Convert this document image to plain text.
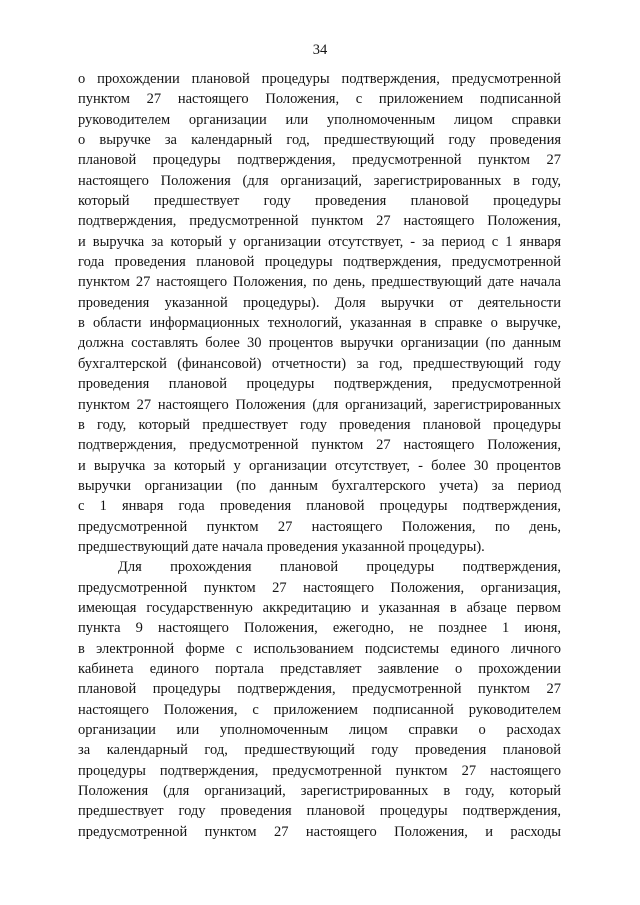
34
о прохождении плановой процедуры подтверждения, предусмотренной
пунктом 27 настоящего Положения, с приложением подписанной
руководителем организации или уполномоченным лицом справки
о выручке за календарный год, предшествующий году проведения
плановой процедуры подтверждения, предусмотренной пунктом 27
настоящего Положения (для организаций, зарегистрированных в году,
который предшествует году проведения плановой процедуры
подтверждения, предусмотренной пунктом 27 настоящего Положения,
и выручка за который у организации отсутствует, - за период с 1 января
года проведения плановой процедуры подтверждения, предусмотренной
пунктом 27 настоящего Положения, по день, предшествующий дате начала
проведения указанной процедуры). Доля выручки от деятельности
в области информационных технологий, указанная в справке о выручке,
должна составлять более 30 процентов выручки организации (по данным
бухгалтерской (финансовой) отчетности) за год, предшествующий году
проведения плановой процедуры подтверждения, предусмотренной
пунктом 27 настоящего Положения (для организаций, зарегистрированных
в году, который предшествует году проведения плановой процедуры
подтверждения, предусмотренной пунктом 27 настоящего Положения,
и выручка за который у организации отсутствует, - более 30 процентов
выручки организации (по данным бухгалтерского учета) за период
с 1 января года проведения плановой процедуры подтверждения,
предусмотренной пунктом 27 настоящего Положения, по день,
предшествующий дате начала проведения указанной процедуры).
Для прохождения плановой процедуры подтверждения,
предусмотренной пунктом 27 настоящего Положения, организация,
имеющая государственную аккредитацию и указанная в абзаце первом
пункта 9 настоящего Положения, ежегодно, не позднее 1 июня,
в электронной форме с использованием подсистемы единого личного
кабинета единого портала представляет заявление о прохождении
плановой процедуры подтверждения, предусмотренной пунктом 27
настоящего Положения, с приложением подписанной руководителем
организации или уполномоченным лицом справки о расходах
за календарный год, предшествующий году проведения плановой
процедуры подтверждения, предусмотренной пунктом 27 настоящего
Положения (для организаций, зарегистрированных в году, который
предшествует году проведения плановой процедуры подтверждения,
предусмотренной пунктом 27 настоящего Положения, и расходы
